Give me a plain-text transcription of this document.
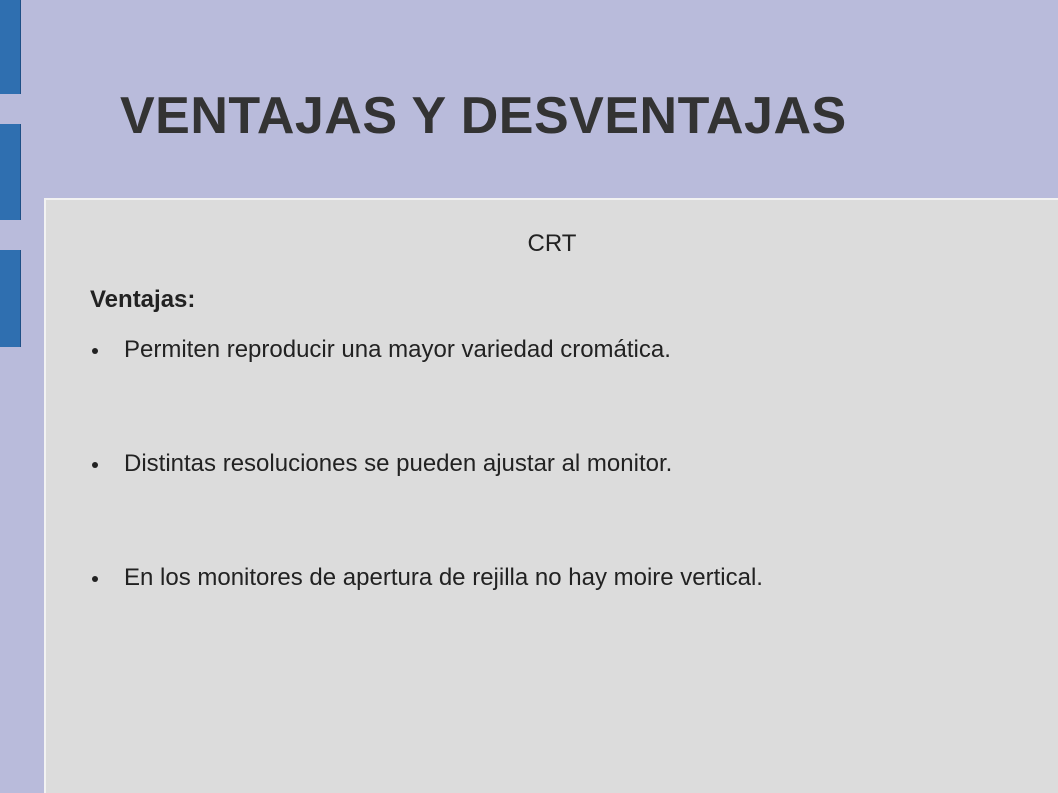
VENTAJAS Y DESVENTAJAS
CRT
Ventajas:
Permiten reproducir una mayor variedad cromática.
Distintas resoluciones se pueden ajustar al monitor.
En los monitores de apertura de rejilla no hay moire vertical.
